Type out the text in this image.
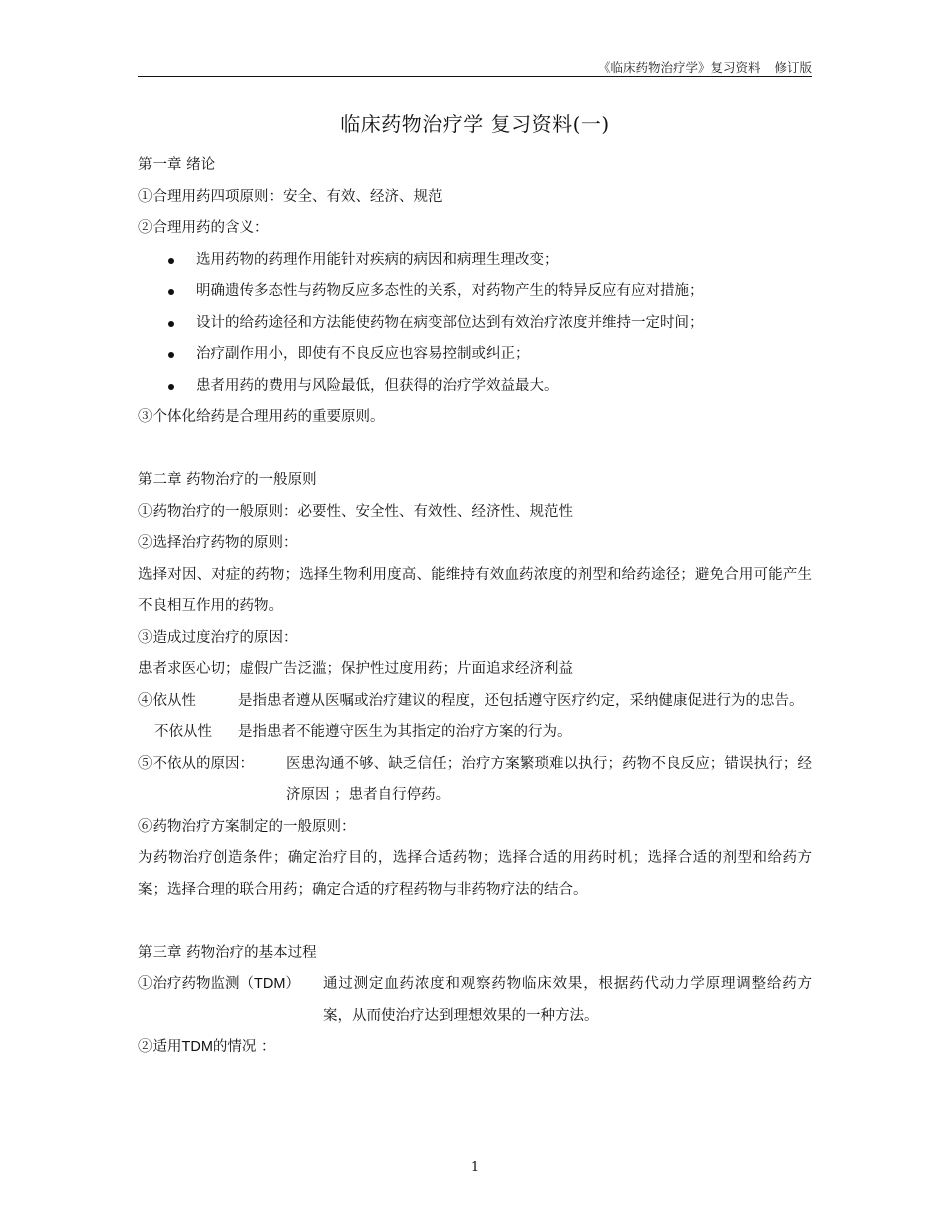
《临床药物治疗学》复习资料 修订版
临床药物治疗学 复习资料(一)
第一章 绪论
①合理用药四项原则：安全、有效、经济、规范
②合理用药的含义：
选用药物的药理作用能针对疾病的病因和病理生理改变；
明确遗传多态性与药物反应多态性的关系，对药物产生的特异反应有应对措施；
设计的给药途径和方法能使药物在病变部位达到有效治疗浓度并维持一定时间；
治疗副作用小，即使有不良反应也容易控制或纠正；
患者用药的费用与风险最低，但获得的治疗学效益最大。
③个体化给药是合理用药的重要原则。
第二章 药物治疗的一般原则
①药物治疗的一般原则：必要性、安全性、有效性、经济性、规范性
②选择治疗药物的原则：
选择对因、对症的药物；选择生物利用度高、能维持有效血药浓度的剂型和给药途径；避免合用可能产生不良相互作用的药物。
③造成过度治疗的原因：
患者求医心切；虚假广告泛滥；保护性过度用药；片面追求经济利益
④依从性	是指患者遵从医嘱或治疗建议的程度，还包括遵守医疗约定，采纳健康促进行为的忠告。
不依从性	是指患者不能遵守医生为其指定的治疗方案的行为。
⑤不依从的原因：	医患沟通不够、缺乏信任；治疗方案繁琐难以执行；药物不良反应；错误执行；经济原因 ；患者自行停药。
⑥药物治疗方案制定的一般原则：
为药物治疗创造条件；确定治疗目的，选择合适药物；选择合适的用药时机；选择合适的剂型和给药方案；选择合理的联合用药；确定合适的疗程药物与非药物疗法的结合。
第三章 药物治疗的基本过程
①治疗药物监测（TDM）	通过测定血药浓度和观察药物临床效果，根据药代动力学原理调整给药方案，从而使治疗达到理想效果的一种方法。
②适用TDM的情况 ：
1
